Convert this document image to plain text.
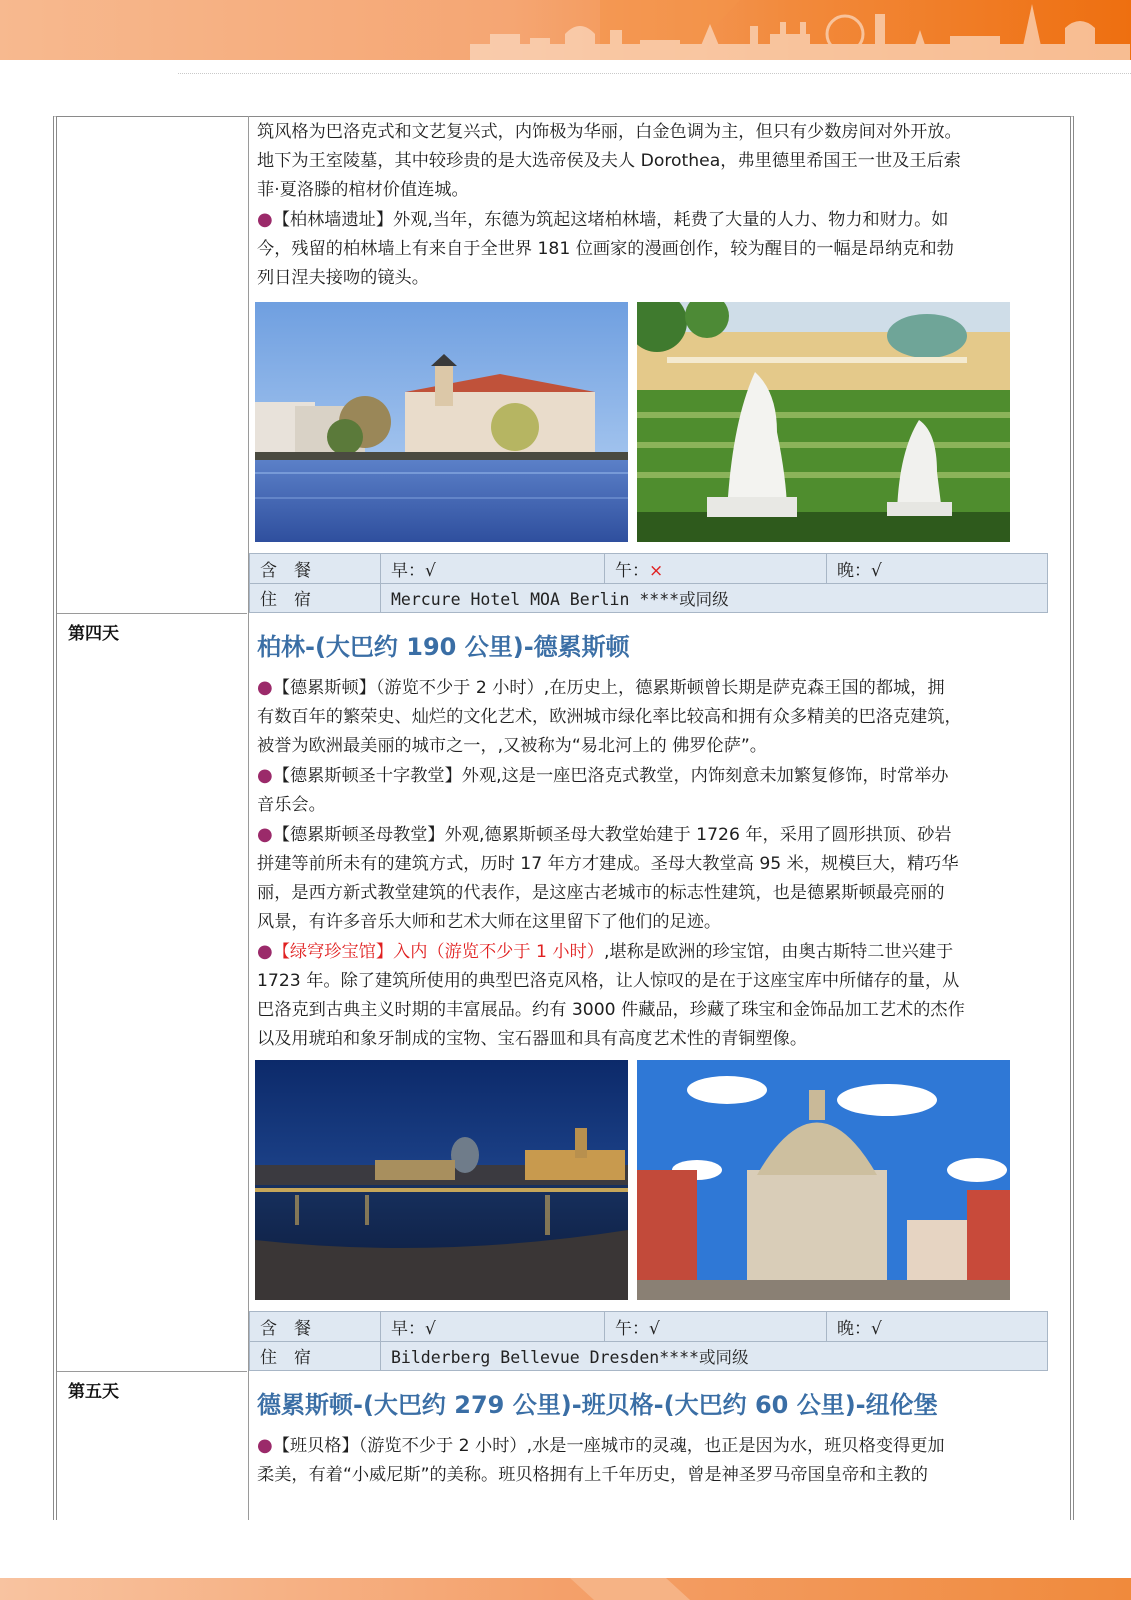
筑风格为巴洛克式和文艺复兴式，内饰极为华丽，白金色调为主，但只有少数房间对外开放。
地下为王室陵墓，其中较珍贵的是大选帝侯及夫人 Dorothea，弗里德里希国王一世及王后索
菲·夏洛滕的棺材价值连城。
●【柏林墙遗址】外观,当年，东德为筑起这堵柏林墙，耗费了大量的人力、物力和财力。如
今，残留的柏林墙上有来自于全世界 181 位画家的漫画创作，较为醒目的一幅是昂纳克和勃
列日涅夫接吻的镜头。

含　餐	早：√	午：×	晚：√
住　宿	Mercure Hotel MOA Berlin ****或同级		
第四天	柏林-(大巴约 190 公里)-德累斯顿

●【德累斯顿】（游览不少于 2 小时）,在历史上，德累斯顿曾长期是萨克森王国的都城，拥
有数百年的繁荣史、灿烂的文化艺术，欧洲城市绿化率比较高和拥有众多精美的巴洛克建筑，
被誉为欧洲最美丽的城市之一，,又被称为“易北河上的 佛罗伦萨”。
●【德累斯顿圣十字教堂】外观,这是一座巴洛克式教堂，内饰刻意未加繁复修饰，时常举办
音乐会。
●【德累斯顿圣母教堂】外观,德累斯顿圣母大教堂始建于 1726 年，采用了圆形拱顶、砂岩
拼建等前所未有的建筑方式，历时 17 年方才建成。圣母大教堂高 95 米，规模巨大，精巧华
丽，是西方新式教堂建筑的代表作，是这座古老城市的标志性建筑，也是德累斯顿最亮丽的
风景，有许多音乐大师和艺术大师在这里留下了他们的足迹。
●【绿穹珍宝馆】入内（游览不少于 1 小时）,堪称是欧洲的珍宝馆，由奥古斯特二世兴建于
1723 年。除了建筑所使用的典型巴洛克风格，让人惊叹的是在于这座宝库中所储存的量，从
巴洛克到古典主义时期的丰富展品。约有 3000 件藏品，珍藏了珠宝和金饰品加工艺术的杰作
以及用琥珀和象牙制成的宝物、宝石器皿和具有高度艺术性的青铜塑像。

含　餐	早：√	午：√	晚：√
住　宿	Bilderberg Bellevue Dresden****或同级		
第五天	德累斯顿-(大巴约 279 公里)-班贝格-(大巴约 60 公里)-纽伦堡

●【班贝格】（游览不少于 2 小时）,水是一座城市的灵魂，也正是因为水，班贝格变得更加
柔美，有着“小威尼斯”的美称。班贝格拥有上千年历史，曾是神圣罗马帝国皇帝和主教的
